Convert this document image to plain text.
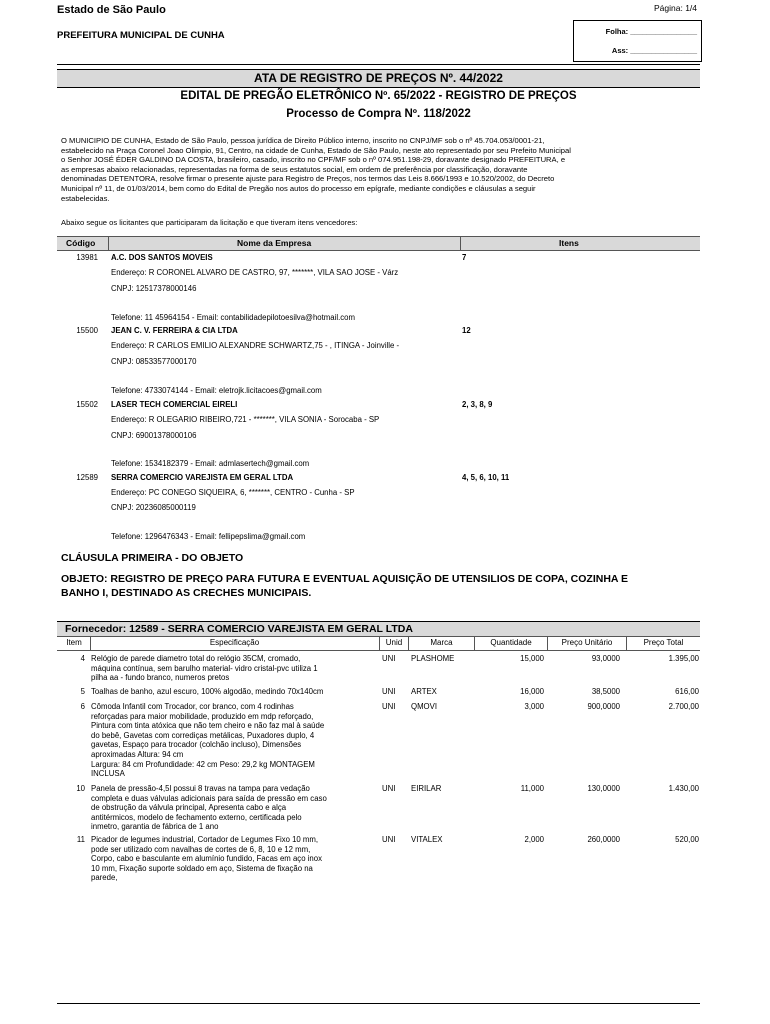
Estado de São Paulo	Página: 1/4
PREFEITURA MUNICIPAL DE CUNHA	Folha: ________________
Ass: ________________
ATA DE REGISTRO DE PREÇOS Nº. 44/2022
EDITAL DE PREGÃO ELETRÔNICO Nº. 65/2022 - REGISTRO DE PREÇOS
Processo de Compra Nº. 118/2022
O MUNICIPIO DE CUNHA, Estado de São Paulo, pessoa jurídica de Direito Público interno, inscrito no CNPJ/MF sob o nº 45.704.053/0001-21,
estabelecido na Praça Coronel Joao Olimpio, 91, Centro, na cidade de Cunha, Estado de São Paulo, neste ato representado por seu Prefeito Municipal
o Senhor JOSÉ ÉDER GALDINO DA COSTA, brasileiro, casado, inscrito no CPF/MF sob o nº 074.951.198-29, doravante designado PREFEITURA, e
as empresas abaixo relacionadas, representadas na forma de seus estatutos social, em ordem de preferência por classificação, doravante
denominadas DETENTORA, resolve firmar o presente ajuste para Registro de Preços, nos termos das Leis 8.666/1993 e 10.520/2002, do Decreto
Municipal nº 11, de 01/03/2014, bem como do Edital de Pregão nos autos do processo em epígrafe, mediante condições e cláusulas a seguir
estabelecidas.
Abaixo segue os licitantes que participaram da licitação e que tiveram itens vencedores:
Código	Nome da Empresa	Itens
13981 A.C. DOS SANTOS MOVEIS	7
Endereço: R CORONEL ALVARO DE CASTRO, 97, *******, VILA SAO JOSE - Várz
CNPJ: 12517378000146
Telefone: 11 45964154 - Email: contabilidadepilotoesilva@hotmail.com
15500 JEAN C. V. FERREIRA & CIA LTDA	12
Endereço: R CARLOS EMILIO ALEXANDRE SCHWARTZ,75 - , ITINGA - Joinville -
CNPJ: 08533577000170
Telefone: 4733074144 - Email: eletrojk.licitacoes@gmail.com
15502 LASER TECH COMERCIAL EIRELI	2, 3, 8, 9
Endereço: R OLEGARIO RIBEIRO,721 - *******, VILA SONIA - Sorocaba - SP
CNPJ: 69001378000106
Telefone: 1534182379 - Email: admlasertech@gmail.com
12589 SERRA COMERCIO VAREJISTA EM GERAL LTDA	4, 5, 6, 10, 11
Endereço: PC CONEGO SIQUEIRA, 6, *******, CENTRO - Cunha - SP
CNPJ: 20236085000119
Telefone: 1296476343 - Email: fellipepslima@gmail.com
CLÁUSULA PRIMEIRA - DO OBJETO
OBJETO: REGISTRO DE PREÇO PARA FUTURA E EVENTUAL AQUISIÇÃO DE UTENSILIOS DE COPA, COZINHA E
BANHO I, DESTINADO AS CRECHES MUNICIPAIS.
Fornecedor: 12589 - SERRA COMERCIO VAREJISTA EM GERAL LTDA
Item	Especificação	Unid	Marca	Quantidade	Preço Unitário	Preço Total
4 Relógio de parede diametro total do relógio 35CM, cromado,
máquina contínua, sem barulho material- vidro cristal-pvc utiliza 1
pilha aa - fundo branco, numeros pretos
UNI PLASHOME	15,000	93,0000	1.395,00
5 Toalhas de banho, azul escuro, 100% algodão, medindo 70x140cm	UNI ARTEX	16,000	38,5000	616,00
6 Cômoda Infantil com Trocador, cor branco, com 4 rodinhas
reforçadas para maior mobilidade, produzido em mdp reforçado,
Pintura com tinta atóxica que não tem cheiro e não faz mal à saúde
do bebê, Gavetas com corrediças metálicas, Puxadores duplo, 4
gavetas, Espaço para trocador (colchão incluso), Dimensões
aproximadas Altura: 94 cm
Largura: 84 cm Profundidade: 42 cm Peso: 29,2 kg MONTAGEM
INCLUSA
UNI QMOVI	3,000	900,0000	2.700,00
10 Panela de pressão-4,5l possui 8 travas na tampa para vedação
completa e duas válvulas adicionais para saída de pressão em caso
de obstrução da válvula principal, Apresenta cabo e alça
antitérmicos, modelo de fechamento externo, certificada pelo
inmetro, garantia de fábrica de 1 ano
UNI EIRILAR	11,000	130,0000	1.430,00
11 Picador de legumes industrial, Cortador de Legumes Fixo 10 mm,
pode ser utilizado com navalhas de cortes de 6, 8, 10 e 12 mm,
Corpo, cabo e basculante em alumínio fundido, Facas em aço inox
10 mm, Fixação suporte soldado em aço, Sistema de fixação na
parede,
UNI VITALEX	2,000	260,0000	520,00
